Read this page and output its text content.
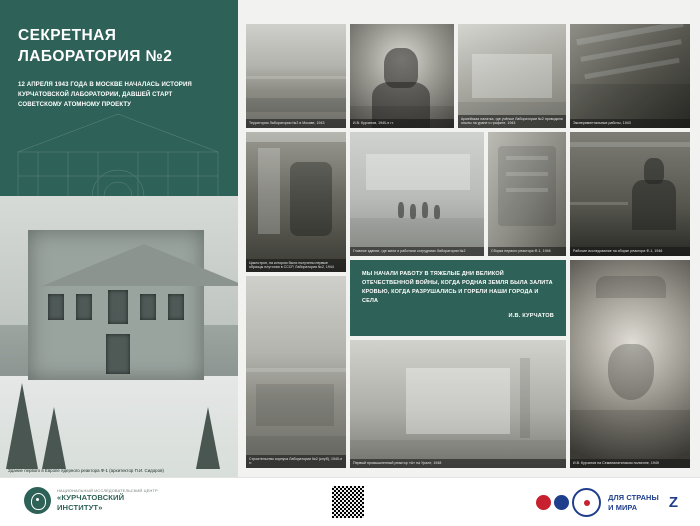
СЕКРЕТНАЯ
ЛАБОРАТОРИЯ №2
12 АПРЕЛЯ 1943 ГОДА В МОСКВЕ НАЧАЛАСЬ ИСТОРИЯ КУРЧАТОВСКОЙ ЛАБОРАТОРИИ, ДАВШЕЙ СТАРТ СОВЕТСКОМУ АТОМНОМУ ПРОЕКТУ
Здание первого в Европе ядерного реактора Ф-1 (архитектор П.И. Сидоров)
Территория Лаборатории №2 в Москве, 1943	И.В. Курчатов, 1940-е гг.
Армейская палатка, где учёные Лаборатории №2 проводили опыты на уране и графите, 1943	Экспериментальные работы, 1943
Циклотрон, на котором были получены первые образцы плутония в СССР, Лаборатория №2, 1944
Главное здание, где жили и работали сотрудники Лаборатории №2	Сборка первого реактора Ф-1, 1946	Рабочие исследование на сборке реактора Ф-1, 1946
МЫ НАЧАЛИ РАБОТУ В ТЯЖЕЛЫЕ ДНИ ВЕЛИКОЙ ОТЕЧЕСТВЕННОЙ ВОЙНЫ, КОГДА РОДНАЯ ЗЕМЛЯ БЫЛА ЗАЛИТА КРОВЬЮ, КОГДА РАЗРУШАЛИСЬ И ГОРЕЛИ НАШИ ГОРОДА И СЕЛА
И.В. КУРЧАТОВ
Строительство корпуса Лаборатории №2 (клуб), 1940-е гг.	Первый промышленный реактор «А» на Урале, 1948	И.В. Курчатов на Семипалатинском полигоне, 1949
НАЦИОНАЛЬНЫЙ ИССЛЕДОВАТЕЛЬСКИЙ ЦЕНТР
«КУРЧАТОВСКИЙ
ИНСТИТУТ»
ДЛЯ СТРАНЫ
И МИРА	Z
